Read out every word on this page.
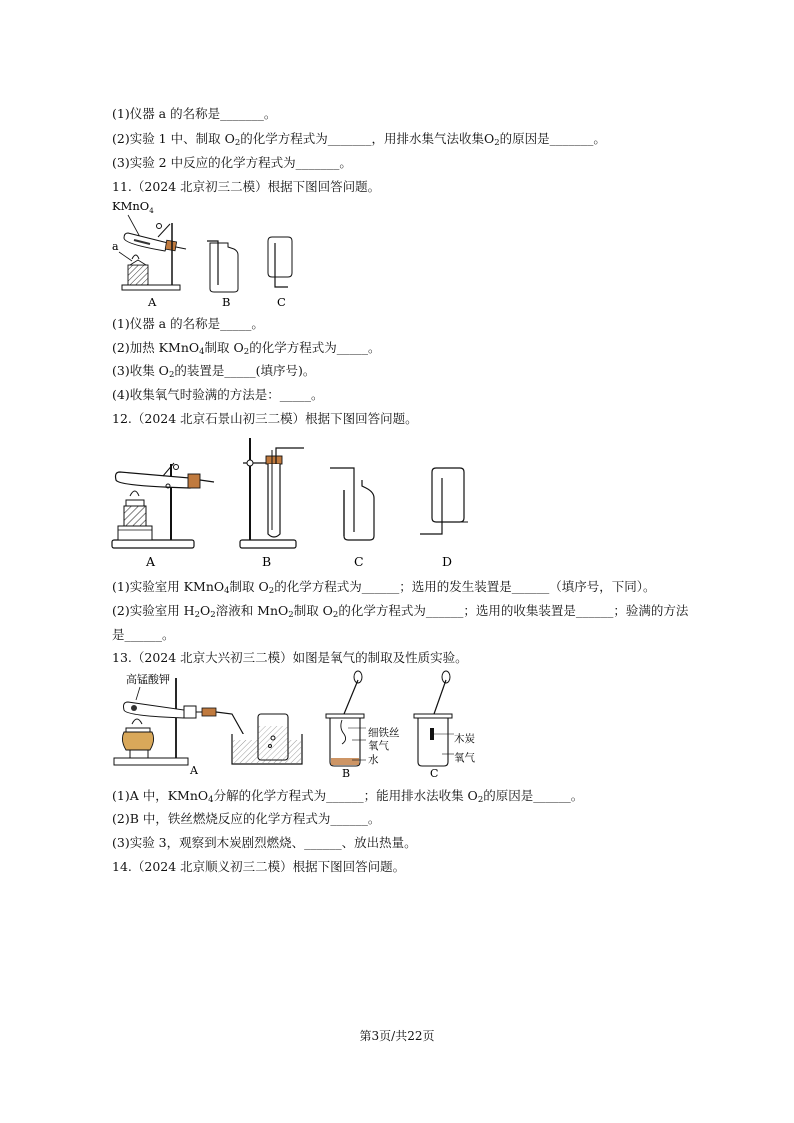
(1)仪器 a 的名称是_______。
(2)实验 1 中、制取 $O_2$的化学方程式为_______，用排水集气法收集$O_2$的原因是_______。
(3)实验 2 中反应的化学方程式为_______。
11.（2024 北京初三二模）根据下图回答问题。
KMnO$_4$
a
A	B	C
(1)仪器 a 的名称是_____。
(2)加热 KMnO$_4$制取 $O_2$的化学方程式为_____。
(3)收集 $O_2$的装置是_____(填序号)。
(4)收集氧气时验满的方法是：_____。
12.（2024 北京石景山初三二模）根据下图回答问题。
A	B	C	D
(1)实验室用 KMnO$_4$制取 $O_2$的化学方程式为______；选用的发生装置是______（填序号，下同）。
(2)实验室用 $H_2O_2$溶液和 MnO$_2$制取 $O_2$的化学方程式为______；选用的收集装置是______；验满的方法
是______。
13.（2024 北京大兴初三二模）如图是氧气的制取及性质实验。
高锰酸钾
A
细铁丝
氧气
水
B
木炭
氧气
C
(1)A 中，KMnO$_4$分解的化学方程式为______；能用排水法收集 $O_2$的原因是______。
(2)B 中，铁丝燃烧反应的化学方程式为______。
(3)实验 3，观察到木炭剧烈燃烧、______、放出热量。
14.（2024 北京顺义初三二模）根据下图回答问题。
第3页/共22页
